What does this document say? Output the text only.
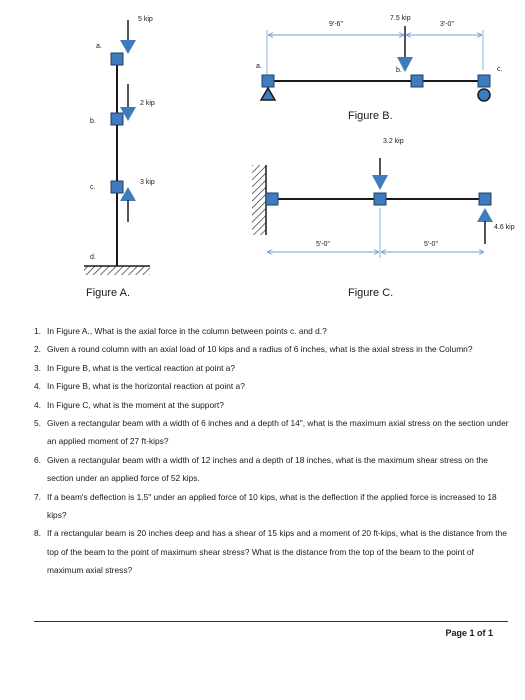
5 kip
2 kip
3 kip
a.
b.
c.
d.
Figure A.
9'-6"
7.5 kip
3'-0"
a.
b.	c.
Figure B.
3.2 kip
4.6 kip
5'-0"	5'-0"
Figure C.
1. In Figure A., What is the axial force in the column between points c. and d.?
2. Given a round column with an axial load of 10 kips and a radius of 6 inches, what is the axial stress in the Column?
3. In Figure B, what is the vertical reaction at point a?
4. In Figure B, what is the horizontal reaction at point a?
4. In Figure C, what is the moment at the support?
5. Given a rectangular beam with a width of 6 inches and a depth of 14", what is the maximum axial stress on the section under an applied moment of 27 ft-kips?
6. Given a rectangular beam with a width of 12 inches and a depth of 18 inches, what is the maximum shear stress on the section under an applied force of 52 kips.
7. If a beam's deflection is 1.5" under an applied force of 10 kips, what is the deflection if the applied force is increased to 18 kips?
8. If a rectangular beam is 20 inches deep and has a shear of 15 kips and a moment of 20 ft-kips, what is the distance from the top of the beam to the point of maximum shear stress? What is the distance from the top of the beam to the point of maximum axial stress?
Page 1 of 1
